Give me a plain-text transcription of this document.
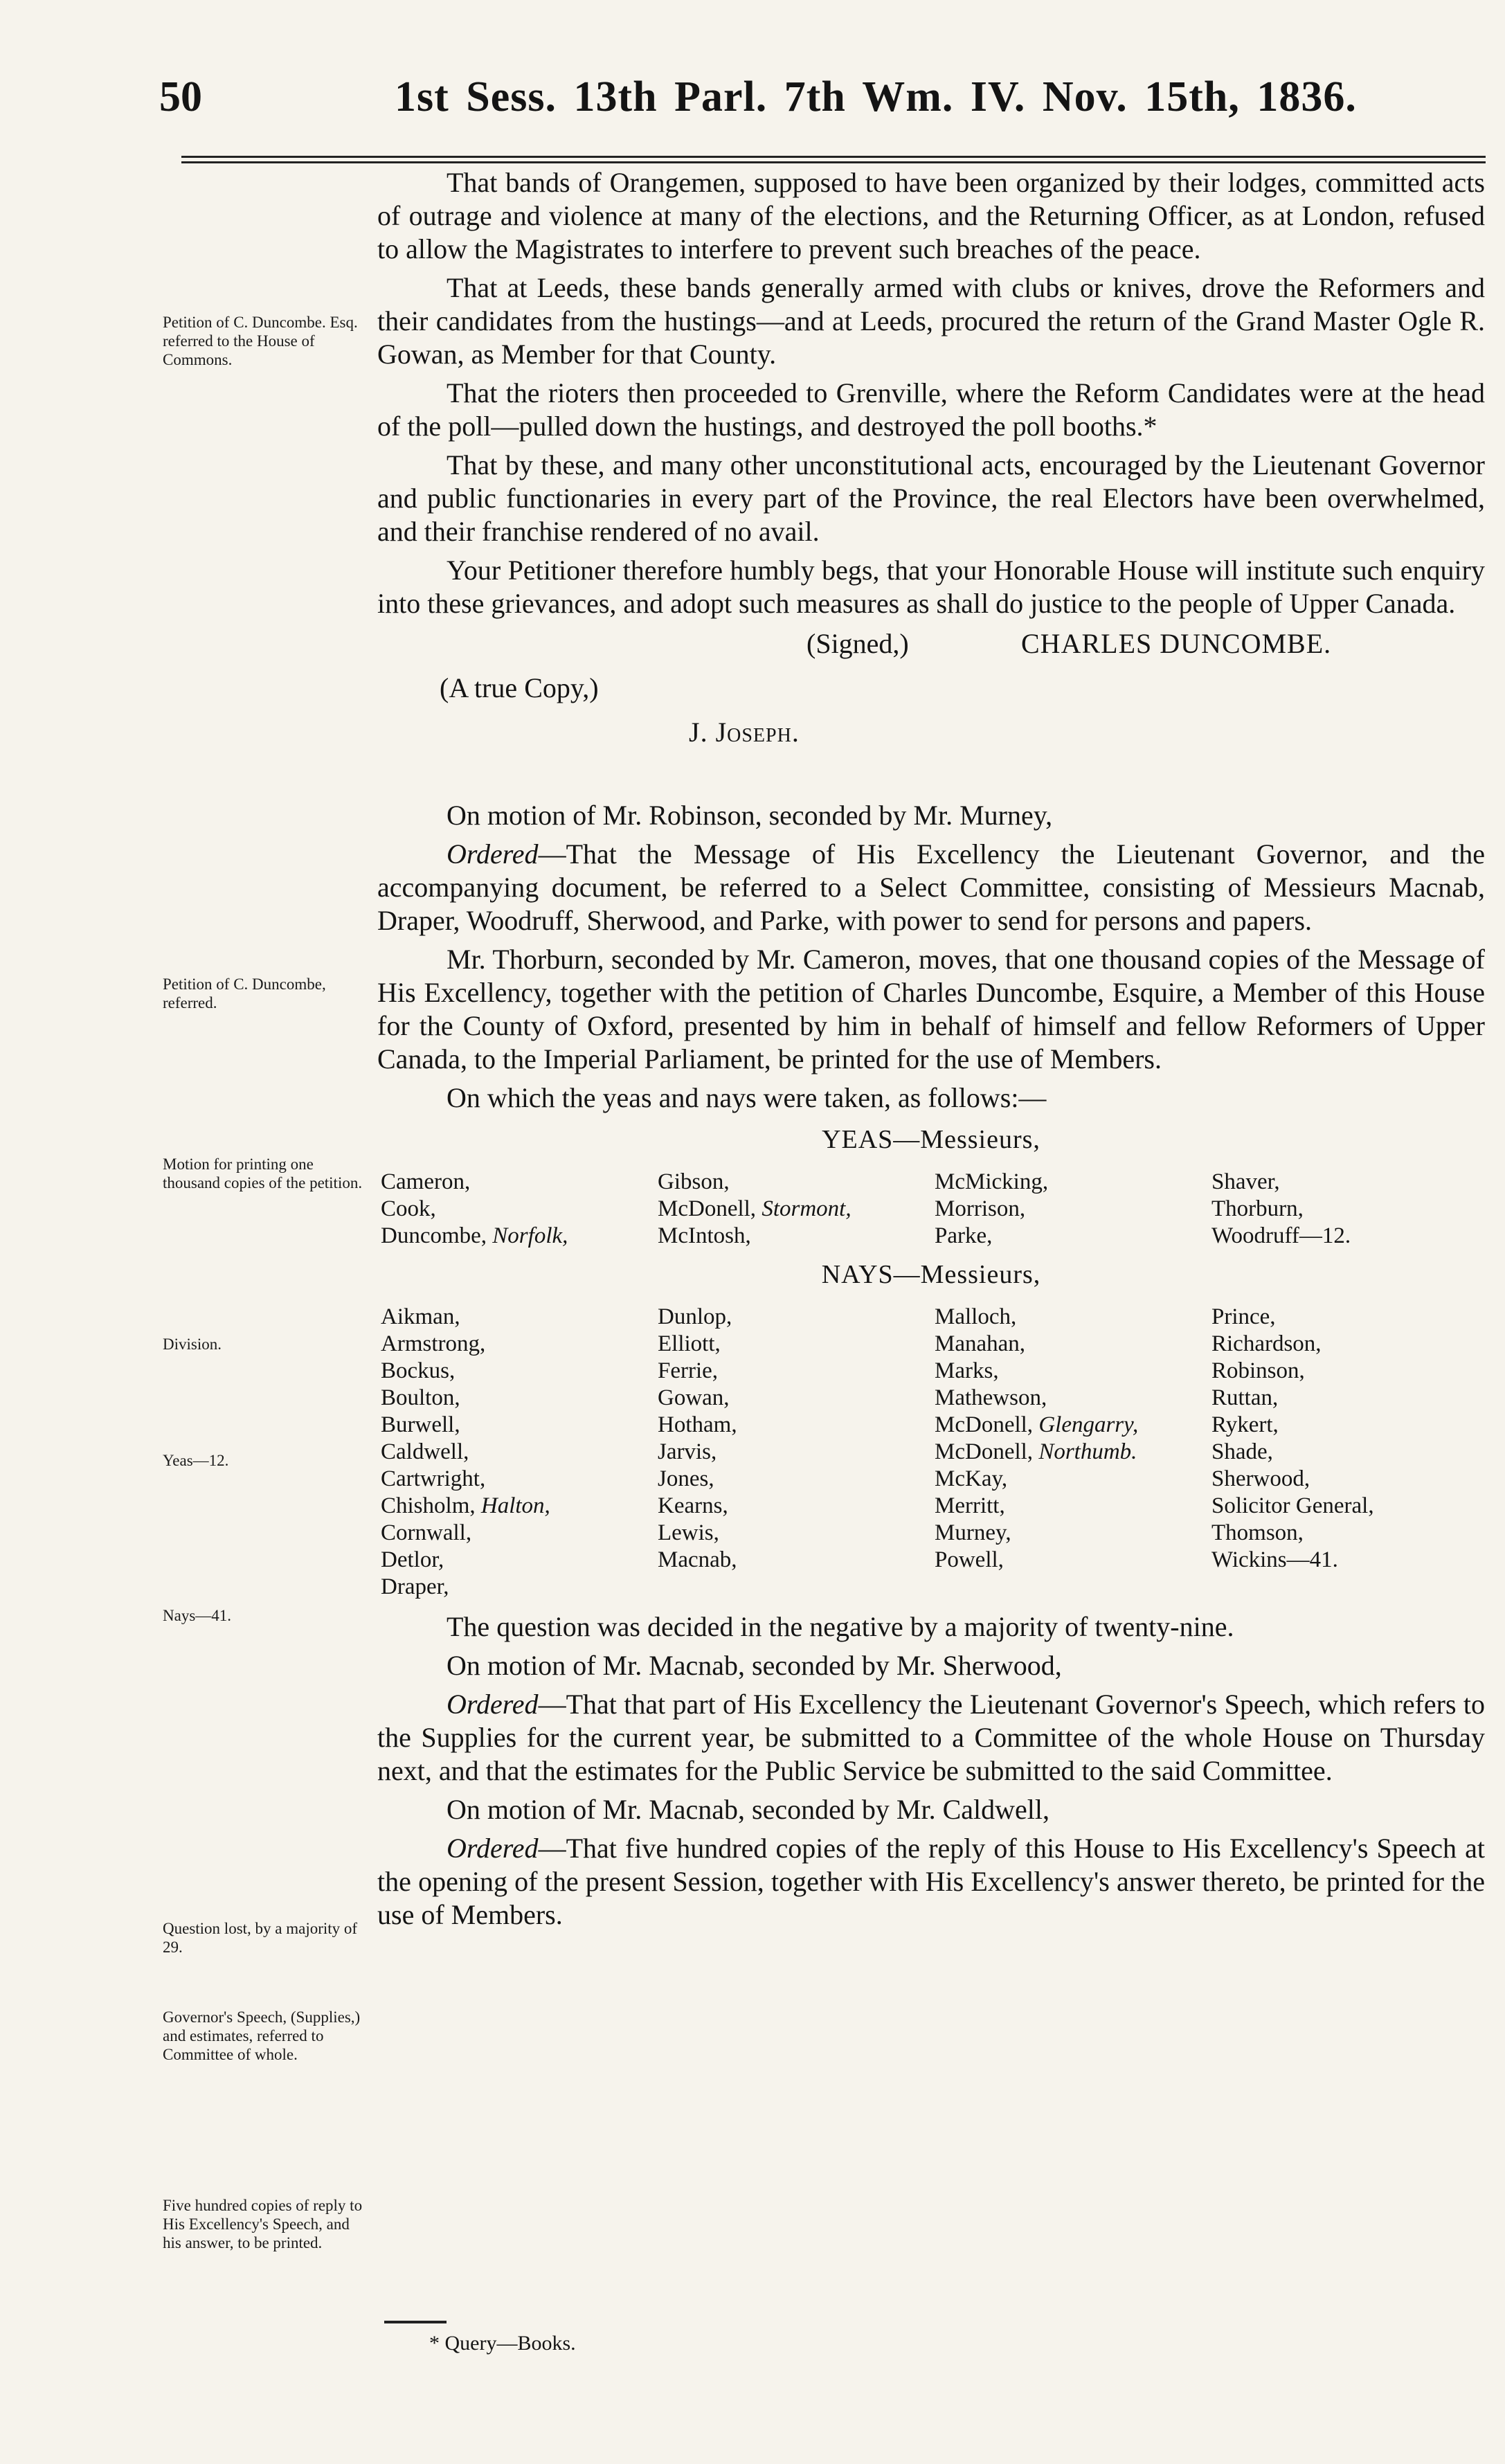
50	1st Sess. 13th Parl. 7th Wm. IV. Nov. 15th, 1836.
Petition of C. Duncombe. Esq. referred to the House of Commons.
Petition of C. Duncombe, referred.
Motion for printing one thousand copies of the petition.
Division.
Yeas—12.
Nays—41.
Question lost, by a majority of 29.
Governor's Speech, (Supplies,) and estimates, referred to Committee of whole.
Five hundred copies of reply to His Excellency's Speech, and his answer, to be printed.

That bands of Orangemen, supposed to have been organized by their lodges, committed acts of outrage and violence at many of the elections, and the Returning Officer, as at London, refused to allow the Magistrates to interfere to prevent such breaches of the peace.

That at Leeds, these bands generally armed with clubs or knives, drove the Reformers and their candidates from the hustings—and at Leeds, procured the return of the Grand Master Ogle R. Gowan, as Member for that County.

That the rioters then proceeded to Grenville, where the Reform Candidates were at the head of the poll—pulled down the hustings, and destroyed the poll booths.*

That by these, and many other unconstitutional acts, encouraged by the Lieutenant Governor and public functionaries in every part of the Province, the real Electors have been overwhelmed, and their franchise rendered of no avail.

Your Petitioner therefore humbly begs, that your Honorable House will institute such enquiry into these grievances, and adopt such measures as shall do justice to the people of Upper Canada.

(Signed,)	CHARLES DUNCOMBE.
(A true Copy,)
J. Joseph.

On motion of Mr. Robinson, seconded by Mr. Murney,

Ordered—That the Message of His Excellency the Lieutenant Governor, and the accompanying document, be referred to a Select Committee, consisting of Messieurs Macnab, Draper, Woodruff, Sherwood, and Parke, with power to send for persons and papers.

Mr. Thorburn, seconded by Mr. Cameron, moves, that one thousand copies of the Message of His Excellency, together with the petition of Charles Duncombe, Esquire, a Member of this House for the County of Oxford, presented by him in behalf of himself and fellow Reformers of Upper Canada, to the Imperial Parliament, be printed for the use of Members.

On which the yeas and nays were taken, as follows:—

YEAS—Messieurs,
Cameron,	Gibson,	McMicking,	Shaver,
Cook,	McDonell, Stormont,	Morrison,	Thorburn,
Duncombe, Norfolk,	McIntosh,	Parke,	Woodruff—12.
NAYS—Messieurs,
Aikman,	Dunlop,	Malloch,	Prince,
Armstrong,	Elliott,	Manahan,	Richardson,
Bockus,	Ferrie,	Marks,	Robinson,
Boulton,	Gowan,	Mathewson,	Ruttan,
Burwell,	Hotham,	McDonell, Glengarry,	Rykert,
Caldwell,	Jarvis,	McDonell, Northumb.	Shade,
Cartwright,	Jones,	McKay,	Sherwood,
Chisholm, Halton,	Kearns,	Merritt,	Solicitor General,
Cornwall,	Lewis,	Murney,	Thomson,
Detlor,	Macnab,	Powell,	Wickins—41.
Draper,

The question was decided in the negative by a majority of twenty-nine.

On motion of Mr. Macnab, seconded by Mr. Sherwood,

Ordered—That that part of His Excellency the Lieutenant Governor's Speech, which refers to the Supplies for the current year, be submitted to a Committee of the whole House on Thursday next, and that the estimates for the Public Service be submitted to the said Committee.

On motion of Mr. Macnab, seconded by Mr. Caldwell,

Ordered—That five hundred copies of the reply of this House to His Excellency's Speech at the opening of the present Session, together with His Excellency's answer thereto, be printed for the use of Members.

* Query—Books.
